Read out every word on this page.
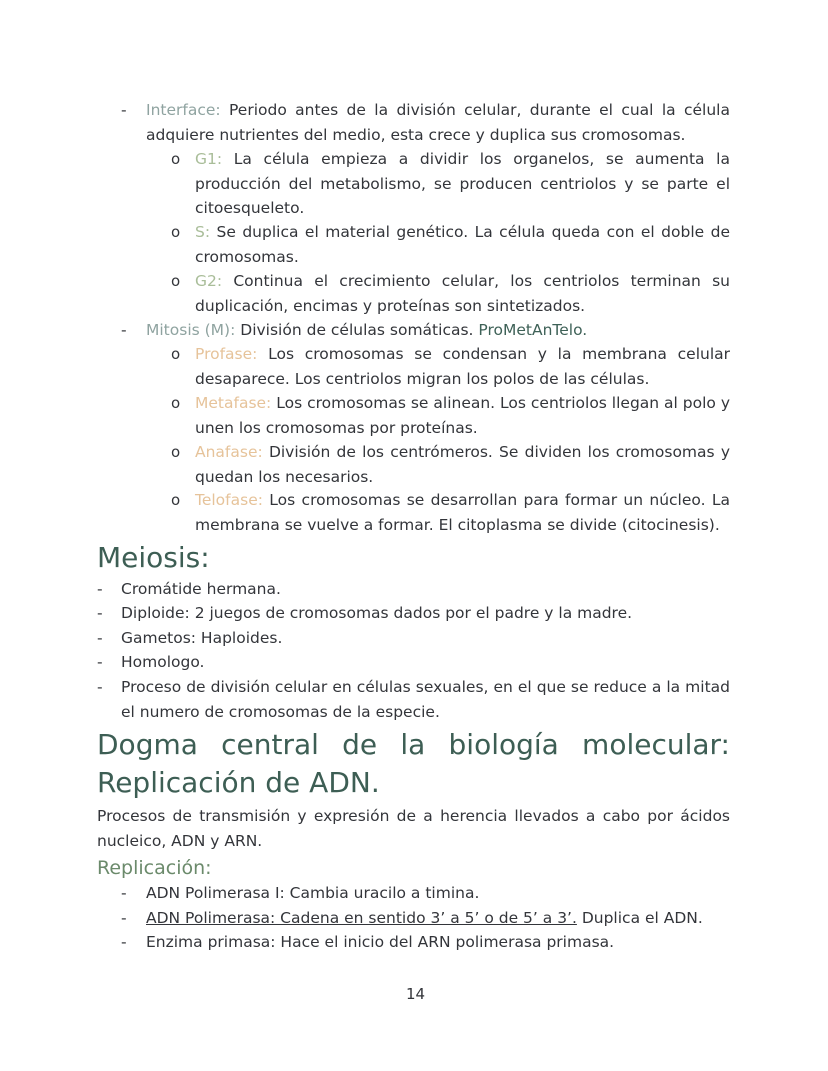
- Interface: Periodo antes de la división celular, durante el cual la célula adquiere nutrientes del medio, esta crece y duplica sus cromosomas.

o G1: La célula empieza a dividir los organelos, se aumenta la producción del metabolismo, se producen centriolos y se parte el citoesqueleto.

o S: Se duplica el material genético. La célula queda con el doble de cromosomas.

o G2: Continua el crecimiento celular, los centriolos terminan su duplicación, encimas y proteínas son sintetizados.

- Mitosis (M): División de células somáticas. ProMetAnTelo.

o Profase: Los cromosomas se condensan y la membrana celular desaparece. Los centriolos migran los polos de las células.

o Metafase: Los cromosomas se alinean. Los centriolos llegan al polo y unen los cromosomas por proteínas.

o Anafase: División de los centrómeros. Se dividen los cromosomas y quedan los necesarios.

o Telofase: Los cromosomas se desarrollan para formar un núcleo. La membrana se vuelve a formar. El citoplasma se divide (citocinesis).

Meiosis:
- Cromátide hermana.

- Diploide: 2 juegos de cromosomas dados por el padre y la madre.

- Gametos: Haploides.

- Homologo.

- Proceso de división celular en células sexuales, en el que se reduce a la mitad el numero de cromosomas de la especie.

Dogma central de la biología molecular: Replicación de ADN.

Procesos de transmisión y expresión de a herencia llevados a cabo por ácidos nucleico, ADN y ARN.

Replicación:
- ADN Polimerasa I: Cambia uracilo a timina.

- ADN Polimerasa: Cadena en sentido 3’ a 5’ o de 5’ a 3’. Duplica el ADN.

- Enzima primasa: Hace el inicio del ARN polimerasa primasa.

14
